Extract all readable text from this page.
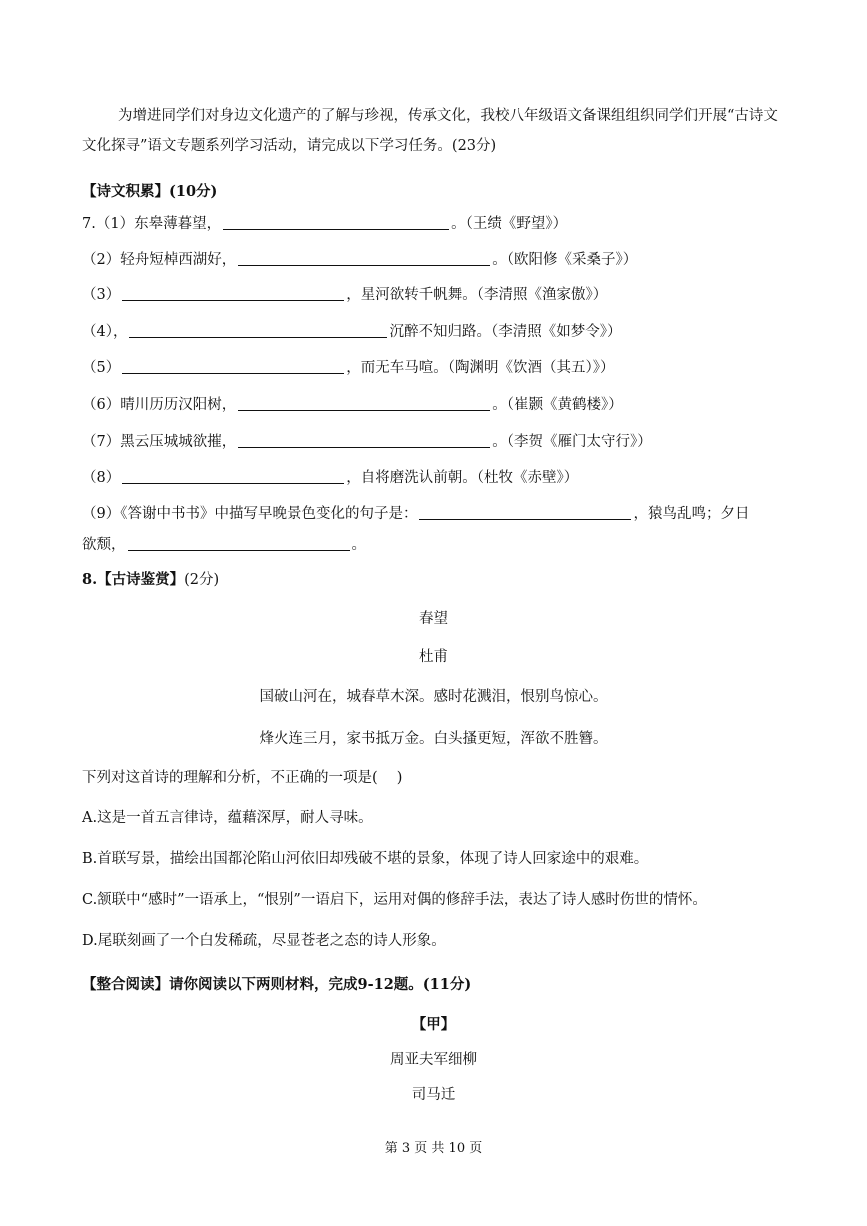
为增进同学们对身边文化遗产的了解与珍视，传承文化，我校八年级语文备课组组织同学们开展“古诗文文化探寻”语文专题系列学习活动，请完成以下学习任务。(23分)
【诗文积累】(10分)
7.（1）东皋薄暮望，	。（王绩《野望》）
（2）轻舟短棹西湖好，	。（欧阳修《采桑子》）
（3）	，星河欲转千帆舞。（李清照《渔家傲》）
（4），	沉醉不知归路。（李清照《如梦令》）
（5）	，而无车马喧。（陶渊明《饮酒（其五）》）
（6）晴川历历汉阳树，	。（崔颢《黄鹤楼》）
（7）黑云压城城欲摧，	。（李贺《雁门太守行》）
（8）	，自将磨洗认前朝。（杜牧《赤壁》）
（9）《答谢中书书》中描写早晚景色变化的句子是：	，猿鸟乱鸣；夕日
欲颓，	。
8.【古诗鉴赏】(2分)
春望
杜甫
国破山河在，城春草木深。感时花溅泪，恨别鸟惊心。
烽火连三月，家书抵万金。白头搔更短，浑欲不胜簪。
下列对这首诗的理解和分析，不正确的一项是(　 )
A.这是一首五言律诗，蕴藉深厚，耐人寻味。
B.首联写景，描绘出国都沦陷山河依旧却残破不堪的景象，体现了诗人回家途中的艰难。
C.颔联中“感时”一语承上，“恨别”一语启下，运用对偶的修辞手法，表达了诗人感时伤世的情怀。
D.尾联刻画了一个白发稀疏，尽显苍老之态的诗人形象。
【整合阅读】请你阅读以下两则材料，完成9-12题。(11分)
【甲】
周亚夫军细柳
司马迁
第 3 页 共 10 页
